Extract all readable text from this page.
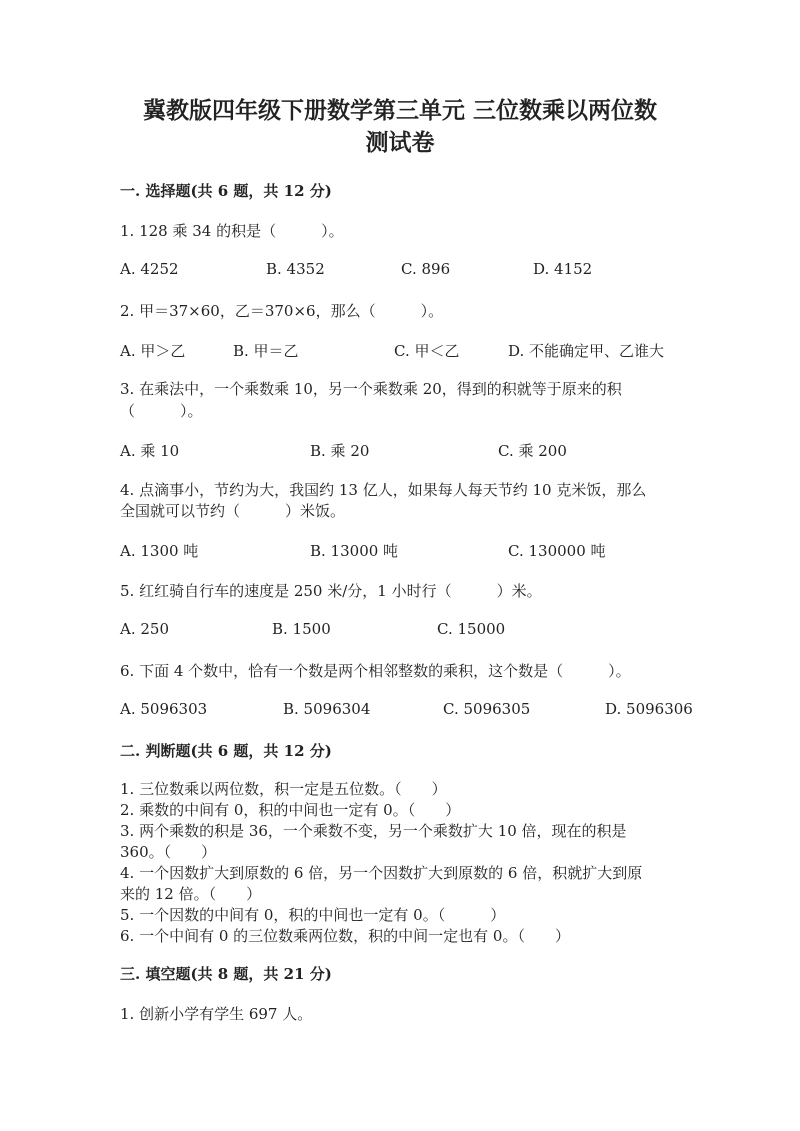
冀教版四年级下册数学第三单元 三位数乘以两位数
测试卷
一. 选择题(共 6 题，共 12 分)
1. 128 乘 34 的积是（　　　）。
A. 4252	B. 4352	C. 896	D. 4152
2. 甲＝37×60，乙＝370×6，那么（　　　）。
A. 甲＞乙	B. 甲＝乙	C. 甲＜乙	D. 不能确定甲、乙谁大
3. 在乘法中，一个乘数乘 10，另一个乘数乘 20，得到的积就等于原来的积
（　　　）。
A. 乘 10	B. 乘 20	C. 乘 200
4. 点滴事小，节约为大，我国约 13 亿人，如果每人每天节约 10 克米饭，那么
全国就可以节约（　　　）米饭。
A. 1300 吨	B. 13000 吨	C. 130000 吨
5. 红红骑自行车的速度是 250 米/分，1 小时行（　　　）米。
A. 250	B. 1500	C. 15000
6. 下面 4 个数中，恰有一个数是两个相邻整数的乘积，这个数是（　　　）。
A. 5096303	B. 5096304	C. 5096305	D. 5096306
二. 判断题(共 6 题，共 12 分)
1. 三位数乘以两位数，积一定是五位数。（　　）
2. 乘数的中间有 0，积的中间也一定有 0。（　　）
3. 两个乘数的积是 36，一个乘数不变，另一个乘数扩大 10 倍，现在的积是
360。（　　）
4. 一个因数扩大到原数的 6 倍，另一个因数扩大到原数的 6 倍，积就扩大到原
来的 12 倍。（　　）
5. 一个因数的中间有 0，积的中间也一定有 0。（　　　）
6. 一个中间有 0 的三位数乘两位数，积的中间一定也有 0。（　　）
三. 填空题(共 8 题，共 21 分)
1. 创新小学有学生 697 人。
